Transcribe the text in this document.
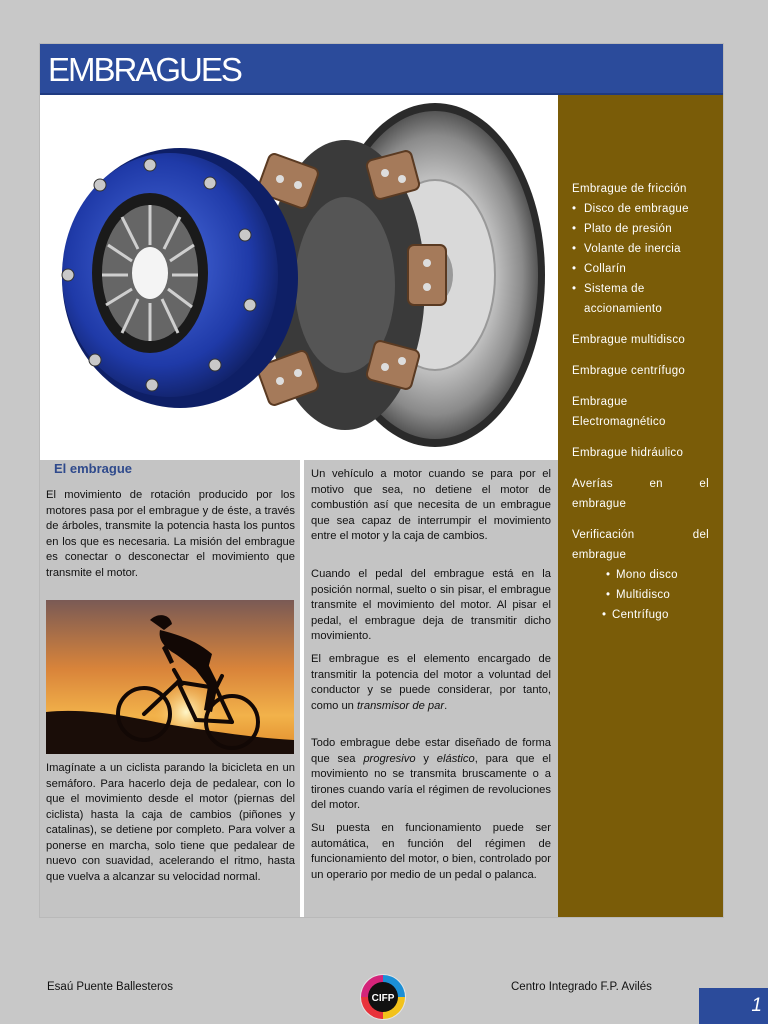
EMBRAGUES

Embrague de fricción

• Disco de embrague
• Plato de presión
• Volante de inercia
• Collarín
• Sistema de
accionamiento

Embrague multidisco

Embrague centrífugo

Embrague

Electromagnético

Embrague hidráulico

Averías	en	el

embrague

Verificación	del

embrague

• Mono disco
• Multidisco
• Centrífugo
El embrague

El movimiento de rotación producido por los motores pasa por el embrague y de éste, a través de árboles, transmite la potencia hasta los puntos en los que es necesaria. La misión del embrague es conectar o desconectar el movimiento que transmite el motor.

Imagínate a un ciclista parando la bicicleta en un semáforo. Para hacerlo deja de pedalear, con lo que el movimiento desde el motor (piernas del ciclista) hasta la caja de cambios (piñones y catalinas), se detiene por completo. Para volver a ponerse en marcha, solo tiene que pedalear de nuevo con suavidad, acelerando el ritmo, hasta que vuelva a alcanzar su velocidad normal.

Un vehículo a motor cuando se para por el motivo que sea, no detiene el motor de combustión así que necesita de un embrague que sea capaz de interrumpir el movimiento entre el motor y la caja de cambios.

Cuando el pedal del embrague está en la posición normal, suelto o sin pisar, el embrague transmite el movimiento del motor. Al pisar el pedal, el embrague deja de transmitir dicho movimiento.

El embrague es el elemento encargado de transmitir la potencia del motor a voluntad del conductor y se puede considerar, por tanto, como un transmisor de par.

Todo embrague debe estar diseñado de forma que sea progresivo y elástico, para que el movimiento no se transmita bruscamente o a tirones cuando varía el régimen de revoluciones del motor.

Su puesta en funcionamiento puede ser automática, en función del régimen de funcionamiento del motor, o bien, controlado por un operario por medio de un pedal o palanca.

Esaú Puente Ballesteros
CIFP
Centro Integrado F.P. Avilés
1
